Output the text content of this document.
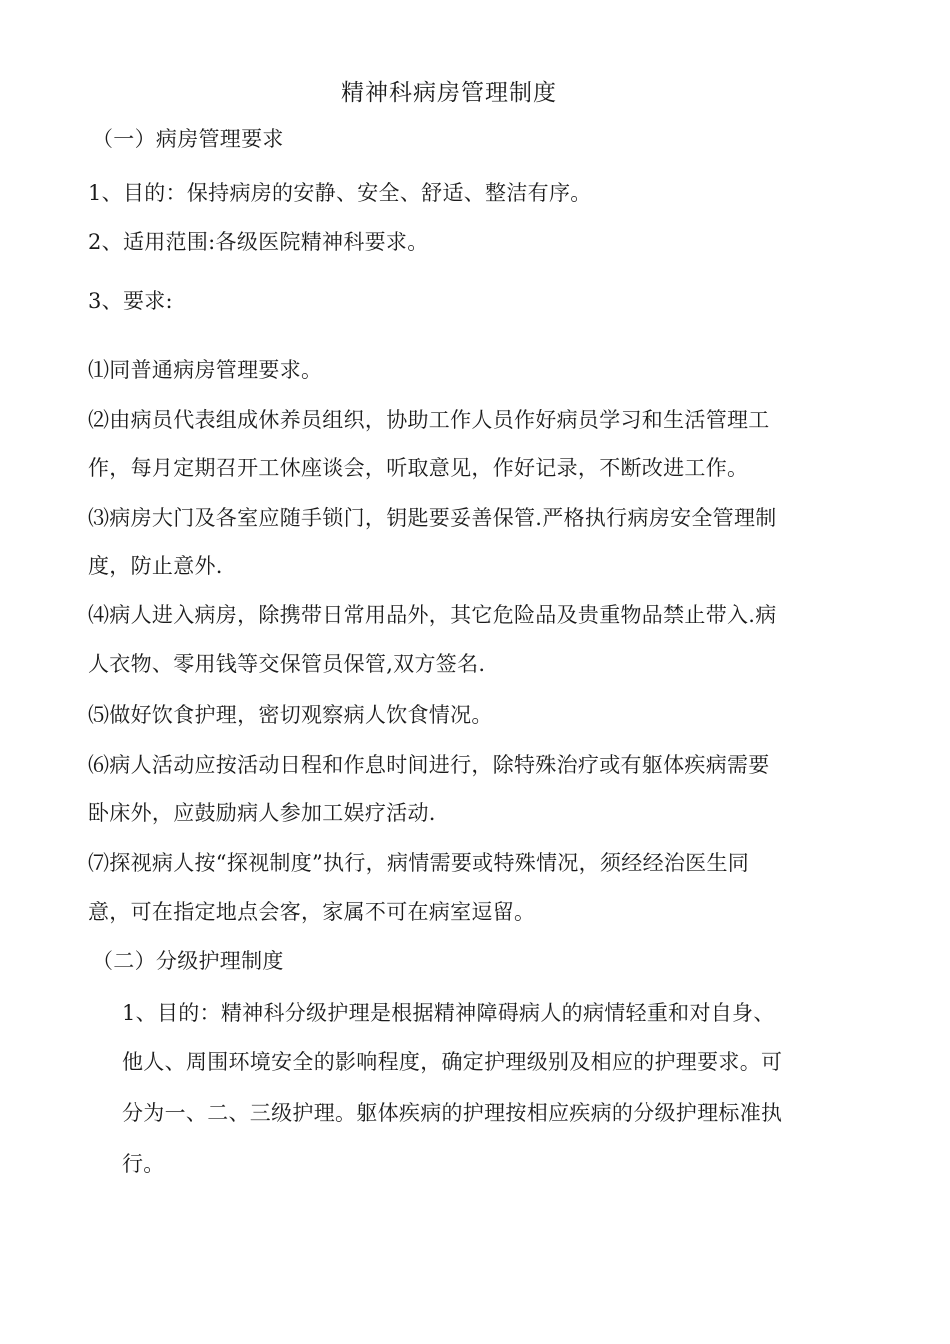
精神科病房管理制度
（一）病房管理要求
1、目的：保持病房的安静、安全、舒适、整洁有序。
2、适用范围:各级医院精神科要求。
3、要求:
⑴同普通病房管理要求。
⑵由病员代表组成休养员组织，协助工作人员作好病员学习和生活管理工
作，每月定期召开工休座谈会，听取意见，作好记录，不断改进工作。
⑶病房大门及各室应随手锁门，钥匙要妥善保管.严格执行病房安全管理制
度，防止意外.
⑷病人进入病房，除携带日常用品外，其它危险品及贵重物品禁止带入.病
人衣物、零用钱等交保管员保管,双方签名.
⑸做好饮食护理，密切观察病人饮食情况。
⑹病人活动应按活动日程和作息时间进行，除特殊治疗或有躯体疾病需要
卧床外，应鼓励病人参加工娱疗活动.
⑺探视病人按“探视制度”执行，病情需要或特殊情况，须经经治医生同
意，可在指定地点会客，家属不可在病室逗留。
（二）分级护理制度
1、目的：精神科分级护理是根据精神障碍病人的病情轻重和对自身、
他人、周围环境安全的影响程度，确定护理级别及相应的护理要求。可
分为一、二、三级护理。躯体疾病的护理按相应疾病的分级护理标准执
行。
